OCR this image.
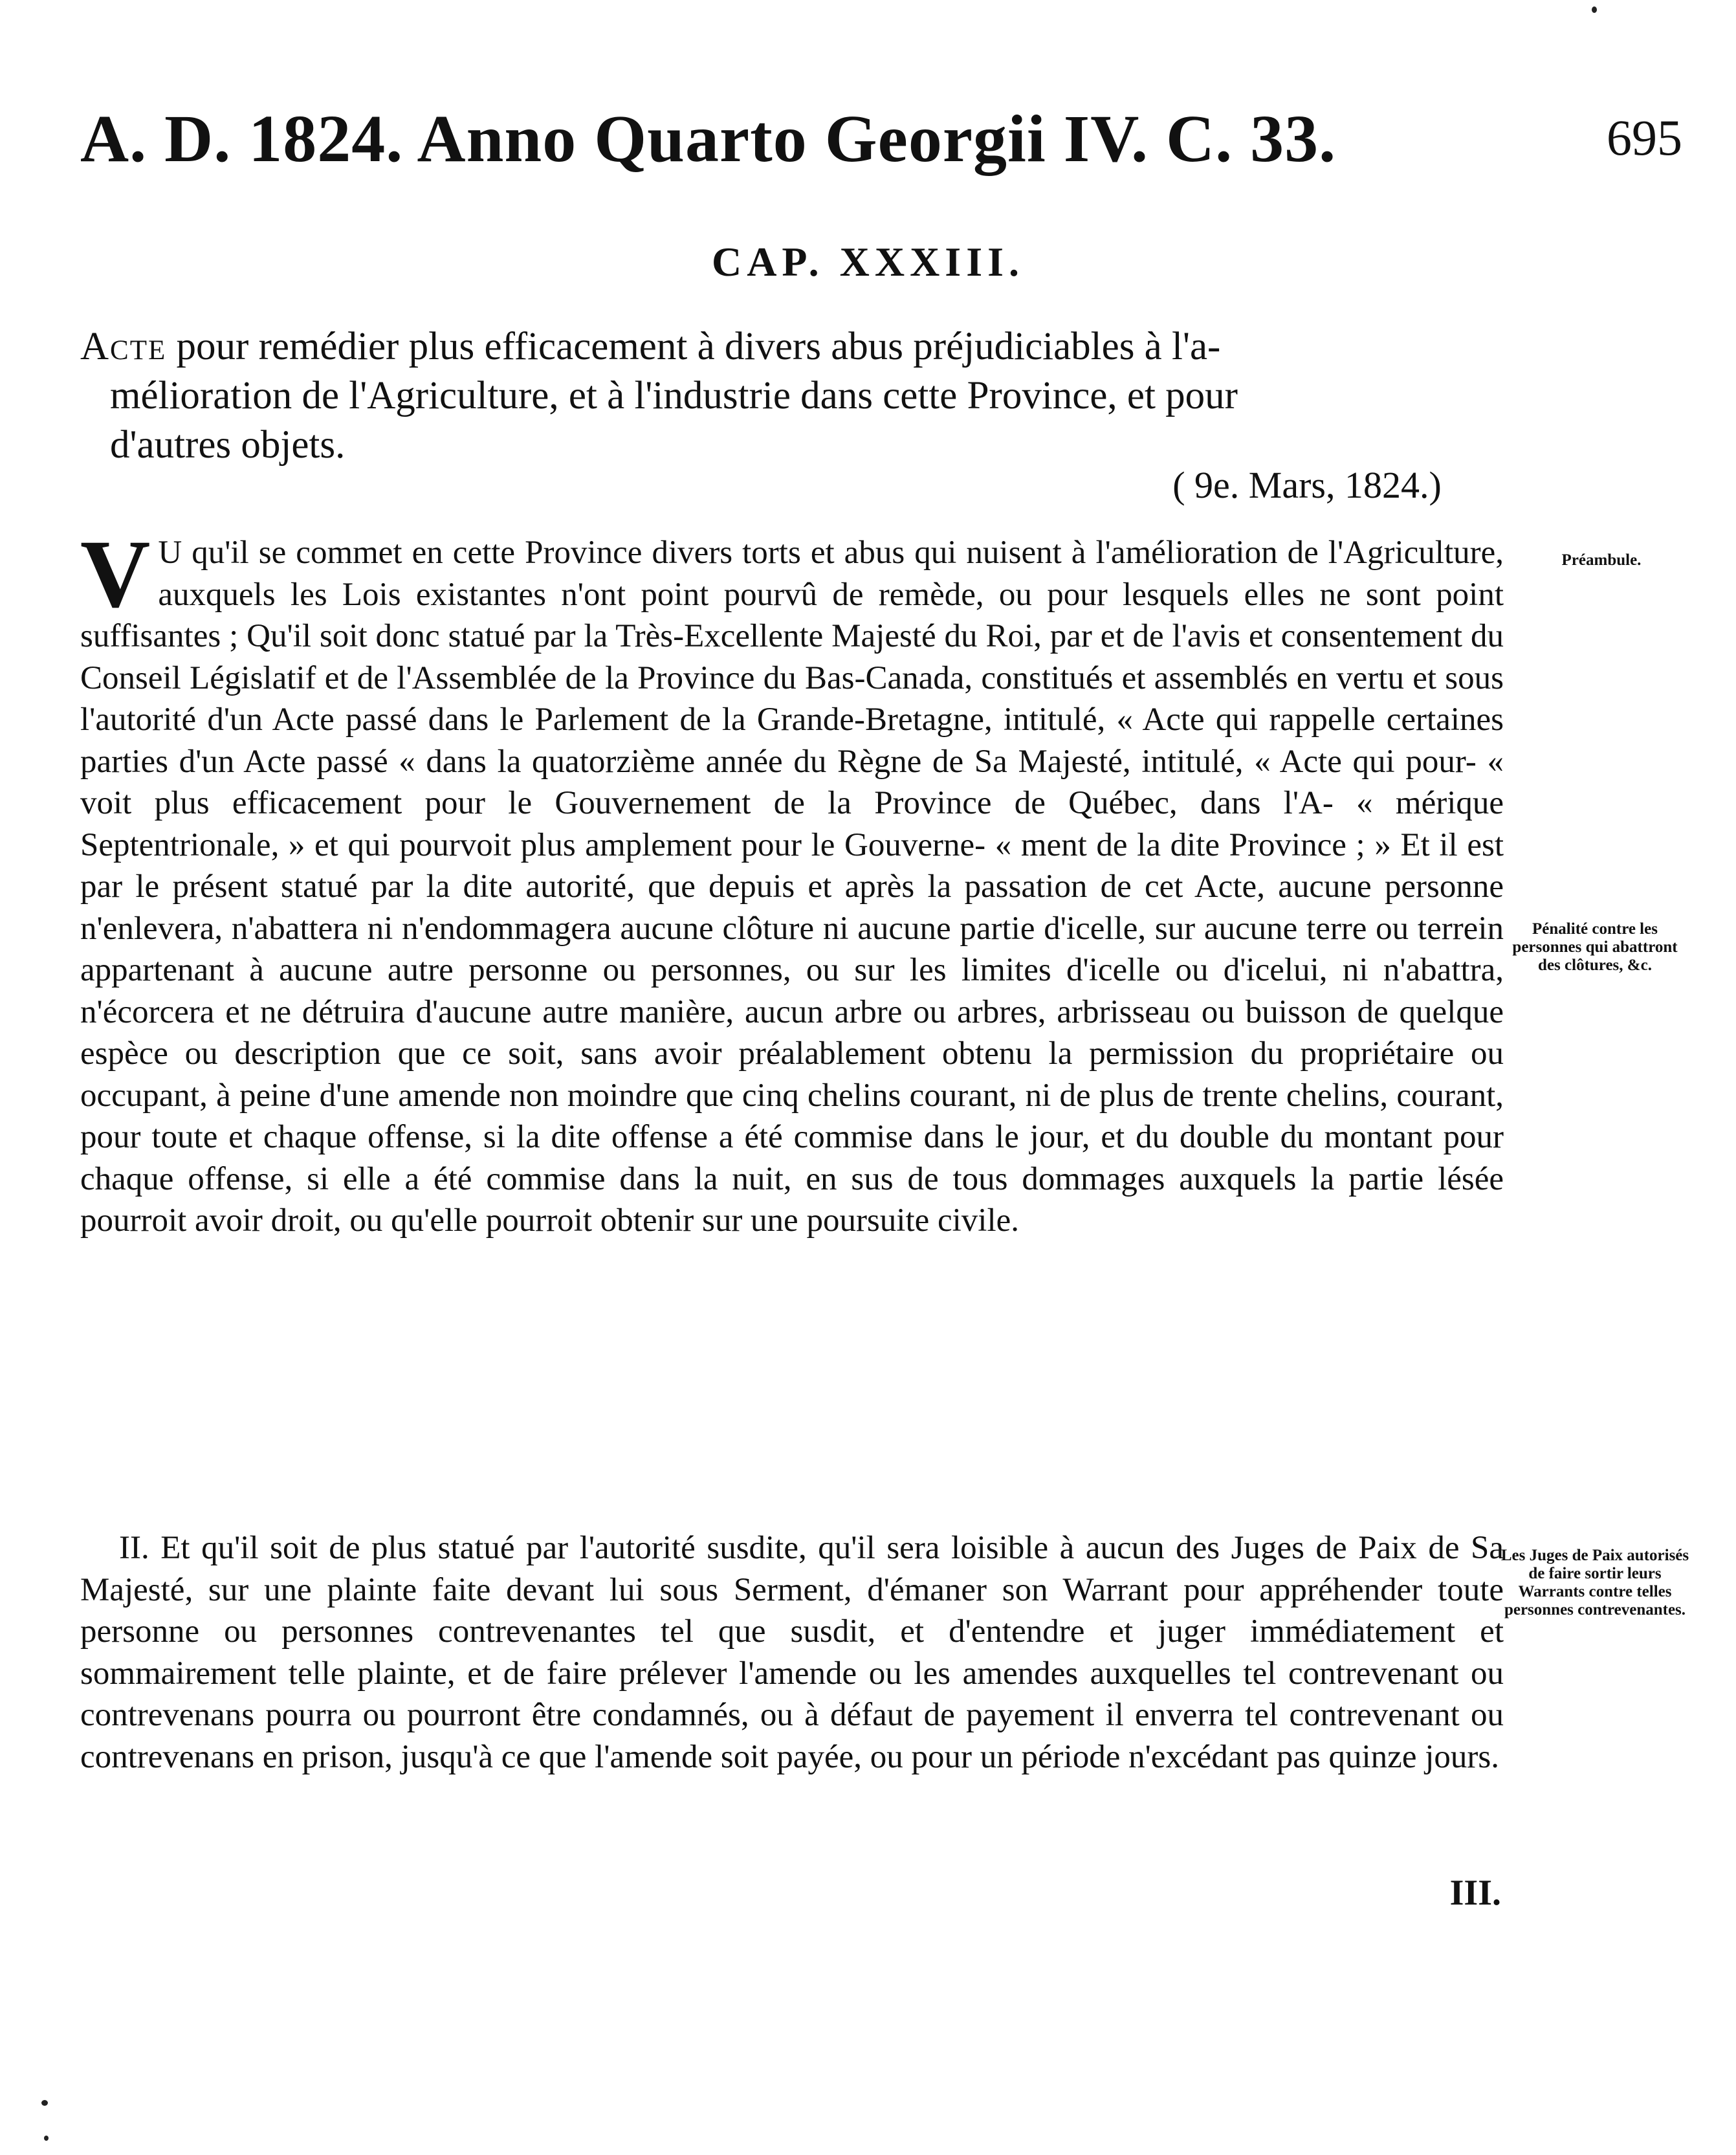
A. D. 1824. Anno Quarto Georgii IV. C. 33.	695
CAP. XXXIII.
Acte pour remédier plus efficacement à divers abus préjudiciables à l'a-
mélioration de l'Agriculture, et à l'industrie dans cette Province, et pour
d'autres objets.
( 9e. Mars, 1824.)
V U qu'il se commet en cette Province divers torts et abus qui nuisent à l'amélioration de l'Agriculture, auxquels les Lois existantes n'ont point pourvû de remède, ou pour lesquels elles ne sont point suffisantes ; Qu'il soit donc statué par la Très-Excellente Majesté du Roi, par et de l'avis et consentement du Conseil Législatif et de l'Assemblée de la Province du Bas-Canada, constitués et assemblés en vertu et sous l'autorité d'un Acte passé dans le Parlement de la Grande-Bretagne, intitulé, « Acte qui rappelle certaines parties d'un Acte passé « dans la quatorzième année du Règne de Sa Majesté, intitulé, « Acte qui pour- « voit plus efficacement pour le Gouvernement de la Province de Québec, dans l'A- « mérique Septentrionale, » et qui pourvoit plus amplement pour le Gouverne- « ment de la dite Province ; » Et il est par le présent statué par la dite autorité, que depuis et après la passation de cet Acte, aucune personne n'enlevera, n'abattera ni n'endommagera aucune clôture ni aucune partie d'icelle, sur aucune terre ou terrein appartenant à aucune autre personne ou personnes, ou sur les limites d'icelle ou d'icelui, ni n'abattra, n'écorcera et ne détruira d'aucune autre manière, aucun arbre ou arbres, arbrisseau ou buisson de quelque espèce ou description que ce soit, sans avoir préalablement obtenu la permission du propriétaire ou occupant, à peine d'une amende non moindre que cinq chelins courant, ni de plus de trente chelins, courant, pour toute et chaque offense, si la dite offense a été commise dans le jour, et du double du montant pour chaque offense, si elle a été commise dans la nuit, en sus de tous dommages auxquels la partie lésée pourroit avoir droit, ou qu'elle pourroit obtenir sur une poursuite civile.

II. Et qu'il soit de plus statué par l'autorité susdite, qu'il sera loisible à aucun des Juges de Paix de Sa Majesté, sur une plainte faite devant lui sous Serment, d'émaner son Warrant pour appréhender toute personne ou personnes contrevenantes tel que susdit, et d'entendre et juger immédiatement et sommairement telle plainte, et de faire prélever l'amende ou les amendes auxquelles tel contrevenant ou contrevenans pourra ou pourront être condamnés, ou à défaut de payement il enverra tel contrevenant ou contrevenans en prison, jusqu'à ce que l'amende soit payée, ou pour un période n'excédant pas quinze jours.

Préambule.
Pénalité contre les personnes qui abattront des clôtures, &c.
Les Juges de Paix autorisés de faire sortir leurs Warrants contre telles personnes contrevenantes.
III.
